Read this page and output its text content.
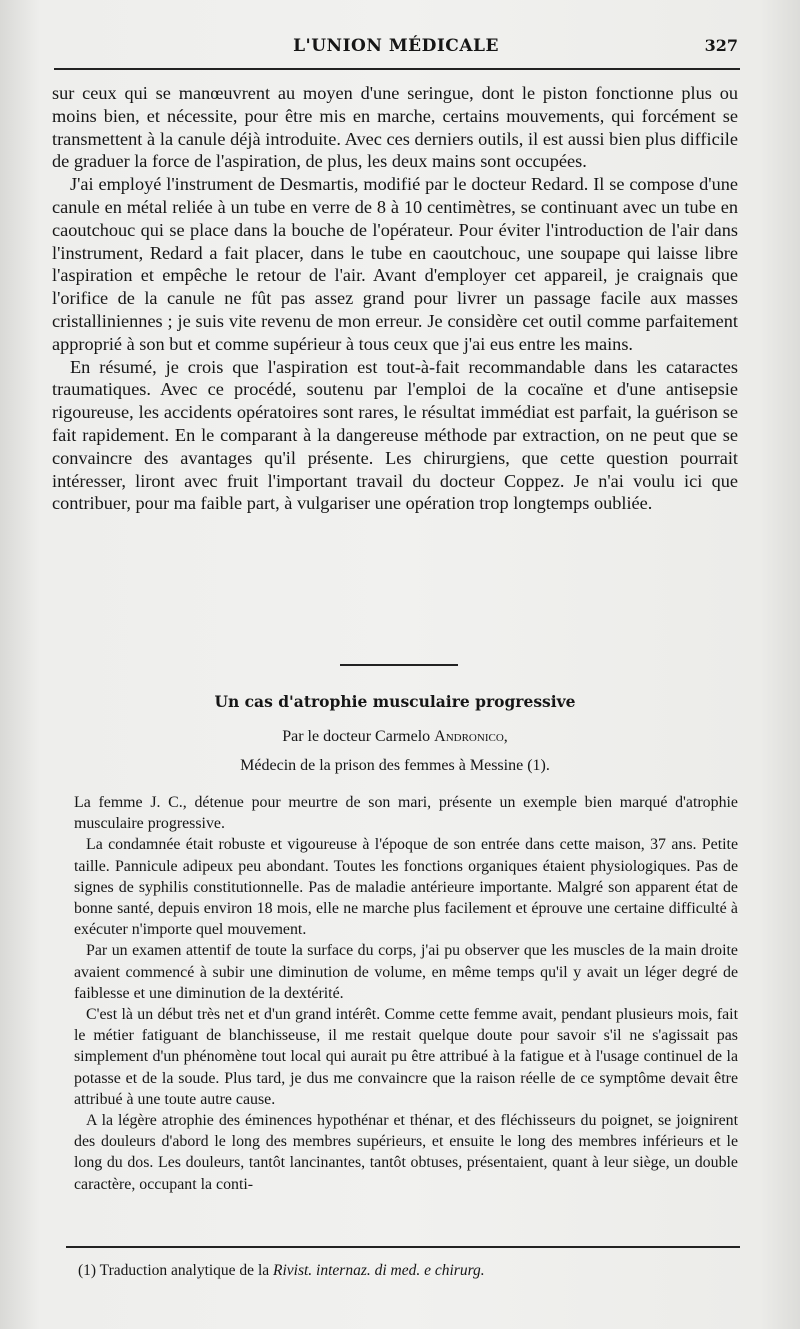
L'UNION MÉDICALE	327

sur ceux qui se manœuvrent au moyen d'une seringue, dont le piston fonctionne plus ou moins bien, et nécessite, pour être mis en marche, certains mouvements, qui forcément se transmettent à la canule déjà introduite. Avec ces derniers outils, il est aussi bien plus difficile de graduer la force de l'aspiration, de plus, les deux mains sont occupées.

J'ai employé l'instrument de Desmartis, modifié par le docteur Redard. Il se compose d'une canule en métal reliée à un tube en verre de 8 à 10 centimètres, se continuant avec un tube en caoutchouc qui se place dans la bouche de l'opérateur. Pour éviter l'introduction de l'air dans l'instrument, Redard a fait placer, dans le tube en caoutchouc, une soupape qui laisse libre l'aspiration et empêche le retour de l'air. Avant d'employer cet appareil, je craignais que l'orifice de la canule ne fût pas assez grand pour livrer un passage facile aux masses cristalliniennes ; je suis vite revenu de mon erreur. Je considère cet outil comme parfaitement approprié à son but et comme supérieur à tous ceux que j'ai eus entre les mains.

En résumé, je crois que l'aspiration est tout-à-fait recommandable dans les cataractes traumatiques. Avec ce procédé, soutenu par l'emploi de la cocaïne et d'une antisepsie rigoureuse, les accidents opératoires sont rares, le résultat immédiat est parfait, la guérison se fait rapidement. En le comparant à la dangereuse méthode par extraction, on ne peut que se convaincre des avantages qu'il présente. Les chirurgiens, que cette question pourrait intéresser, liront avec fruit l'important travail du docteur Coppez. Je n'ai voulu ici que contribuer, pour ma faible part, à vulgariser une opération trop longtemps oubliée.

Un cas d'atrophie musculaire progressive
Par le docteur Carmelo Andronico,
Médecin de la prison des femmes à Messine (1).

La femme J. C., détenue pour meurtre de son mari, présente un exemple bien marqué d'atrophie musculaire progressive.

La condamnée était robuste et vigoureuse à l'époque de son entrée dans cette maison, 37 ans. Petite taille. Pannicule adipeux peu abondant. Toutes les fonctions organiques étaient physiologiques. Pas de signes de syphilis constitutionnelle. Pas de maladie antérieure importante. Malgré son apparent état de bonne santé, depuis environ 18 mois, elle ne marche plus facilement et éprouve une certaine difficulté à exécuter n'importe quel mouvement.

Par un examen attentif de toute la surface du corps, j'ai pu observer que les muscles de la main droite avaient commencé à subir une diminution de volume, en même temps qu'il y avait un léger degré de faiblesse et une diminution de la dextérité.

C'est là un début très net et d'un grand intérêt. Comme cette femme avait, pendant plusieurs mois, fait le métier fatiguant de blanchisseuse, il me restait quelque doute pour savoir s'il ne s'agissait pas simplement d'un phénomène tout local qui aurait pu être attribué à la fatigue et à l'usage continuel de la potasse et de la soude. Plus tard, je dus me convaincre que la raison réelle de ce symptôme devait être attribué à une toute autre cause.

A la légère atrophie des éminences hypothénar et thénar, et des fléchisseurs du poignet, se joignirent des douleurs d'abord le long des membres supérieurs, et ensuite le long des membres inférieurs et le long du dos. Les douleurs, tantôt lancinantes, tantôt obtuses, présentaient, quant à leur siège, un double caractère, occupant la conti-

(1) Traduction analytique de la Rivist. internaz. di med. e chirurg.
